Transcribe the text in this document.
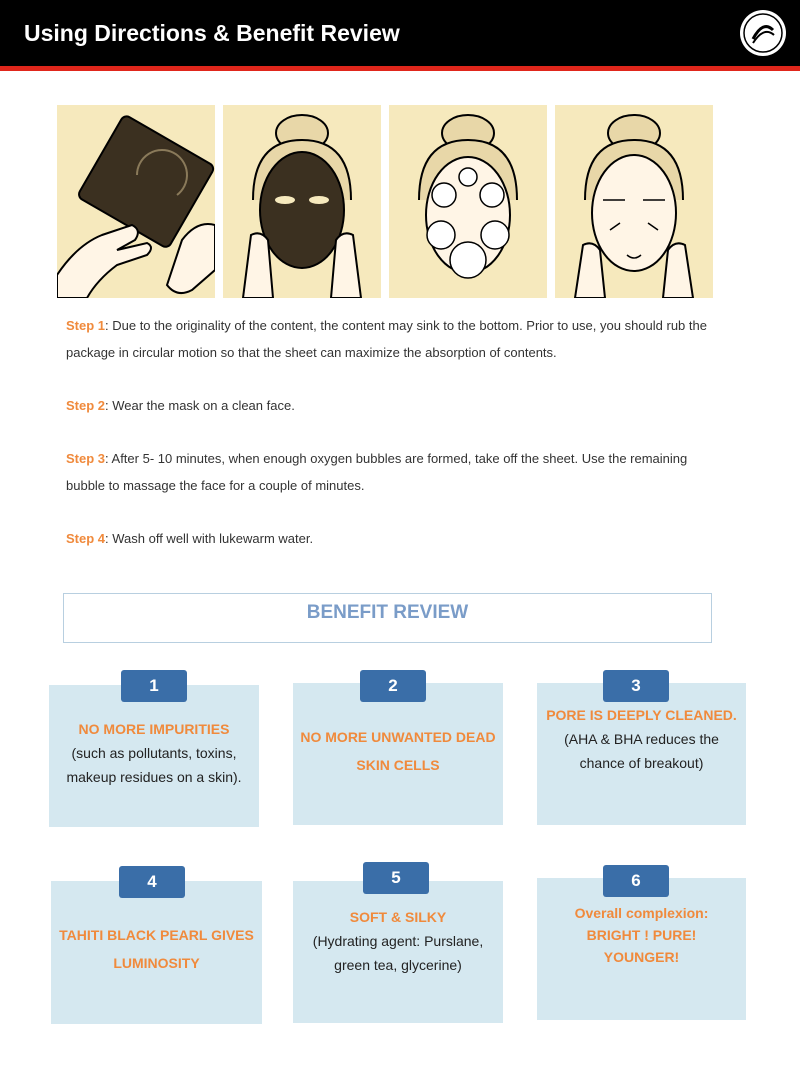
Using Directions & Benefit Review

Step 1: Due to the originality of the content, the content may sink to the bottom. Prior to use, you should rub the package in circular motion so that the sheet can maximize the absorption of contents.

Step 2: Wear the mask on a clean face.

Step 3: After 5- 10 minutes, when enough oxygen bubbles are formed, take off the sheet. Use the remaining bubble to massage the face for a couple of minutes.

Step 4: Wash off well with lukewarm water.

BENEFIT REVIEW
NO MORE IMPURITIES
(such as pollutants, toxins, makeup residues on a skin).
1
NO MORE UNWANTED DEAD SKIN CELLS
2
PORE IS DEEPLY CLEANED.
(AHA & BHA reduces the chance of breakout)
3
TAHITI BLACK PEARL GIVES LUMINOSITY
4
SOFT & SILKY
(Hydrating agent: Purslane, green tea, glycerine)
5
Overall complexion: BRIGHT ! PURE! YOUNGER!
6
